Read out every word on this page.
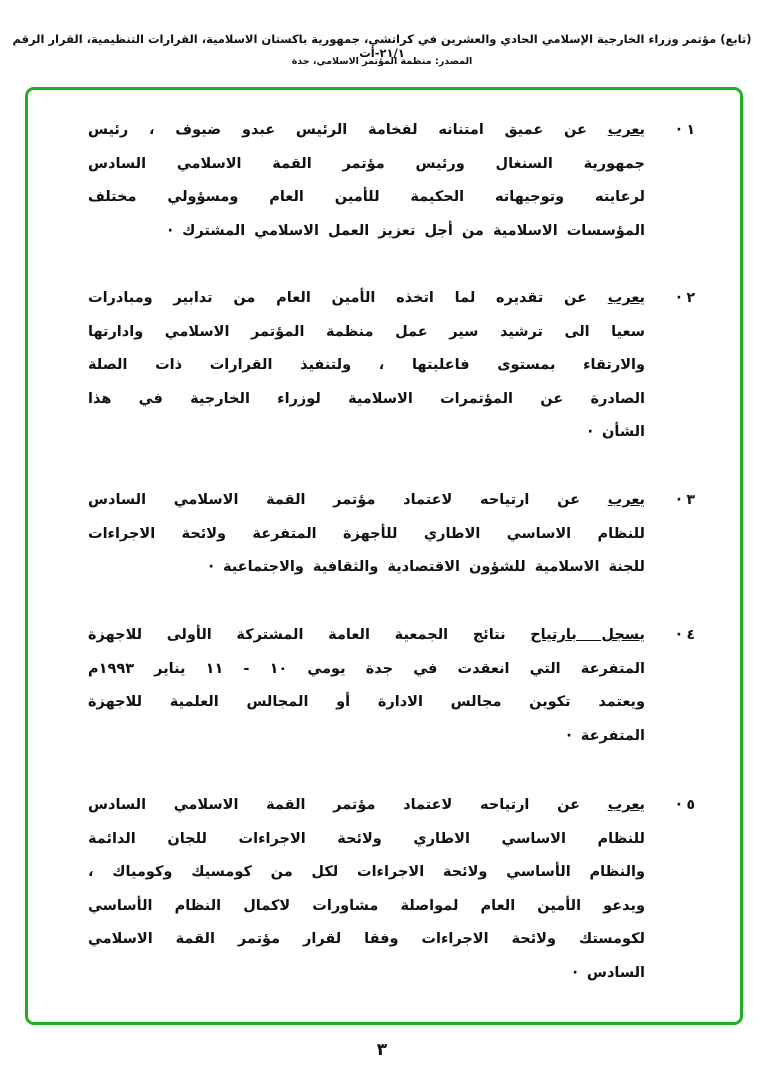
(تابع) مؤتمر وزراء الخارجية الإسلامي الحادي والعشرين في كراتشي، جمهورية باكستان الاسلامية، القرارات التنظيمية، القرار الرقم ٢١/١-أت
المصدر: منظمة المؤتمر الاسلامي، جدة
١ ·
يعرب عن عميق امتنانه لفخامة الرئيس عبدو ضيوف ، رئيس
جمهورية السنغال ورئيس مؤتمر القمة الاسلامي السادس
لرعايته وتوجيهاته الحكيمة للأمين العام ومسؤولي مختلف
المؤسسات الاسلامية من أجل تعزيز العمل الاسلامي المشترك ·
٢ ·
يعرب عن تقديره لما اتخذه الأمين العام من تدابير ومبادرات
سعيا الى ترشيد سير عمل منظمة المؤتمر الاسلامي وادارتها
والارتقاء بمستوى فاعليتها ، ولتنفيذ القرارات ذات الصلة
الصادرة عن المؤتمرات الاسلامية لوزراء الخارجية في هذا
الشأن ·
٣ ·
يعرب عن ارتياحه لاعتماد مؤتمر القمة الاسلامي السادس
للنظام الاساسي الاطاري للأجهزة المتفرعة ولائحة الاجراءات
للجنة الاسلامية للشؤون الاقتصادية والثقافية والاجتماعية ·
٤ ·
يسجل بارتياح نتائج الجمعية العامة المشتركة الأولى للاجهزة
المتفرعة التي انعقدت في جدة يومي ١٠ - ١١ يناير ١٩٩٣م
ويعتمد تكوين مجالس الادارة أو المجالس العلمية للاجهزة
المتفرعة ·
٥ ·
يعرب عن ارتياحه لاعتماد مؤتمر القمة الاسلامي السادس
للنظام الاساسي الاطاري ولائحة الاجراءات للجان الدائمة
والنظام الأساسي ولائحة الاجراءات لكل من كومسيك وكومياك ،
ويدعو الأمين العام لمواصلة مشاورات لاكمال النظام الأساسي
لكومستك ولائحة الاجراءات وفقا لقرار مؤتمر القمة الاسلامي
السادس ·
٣
